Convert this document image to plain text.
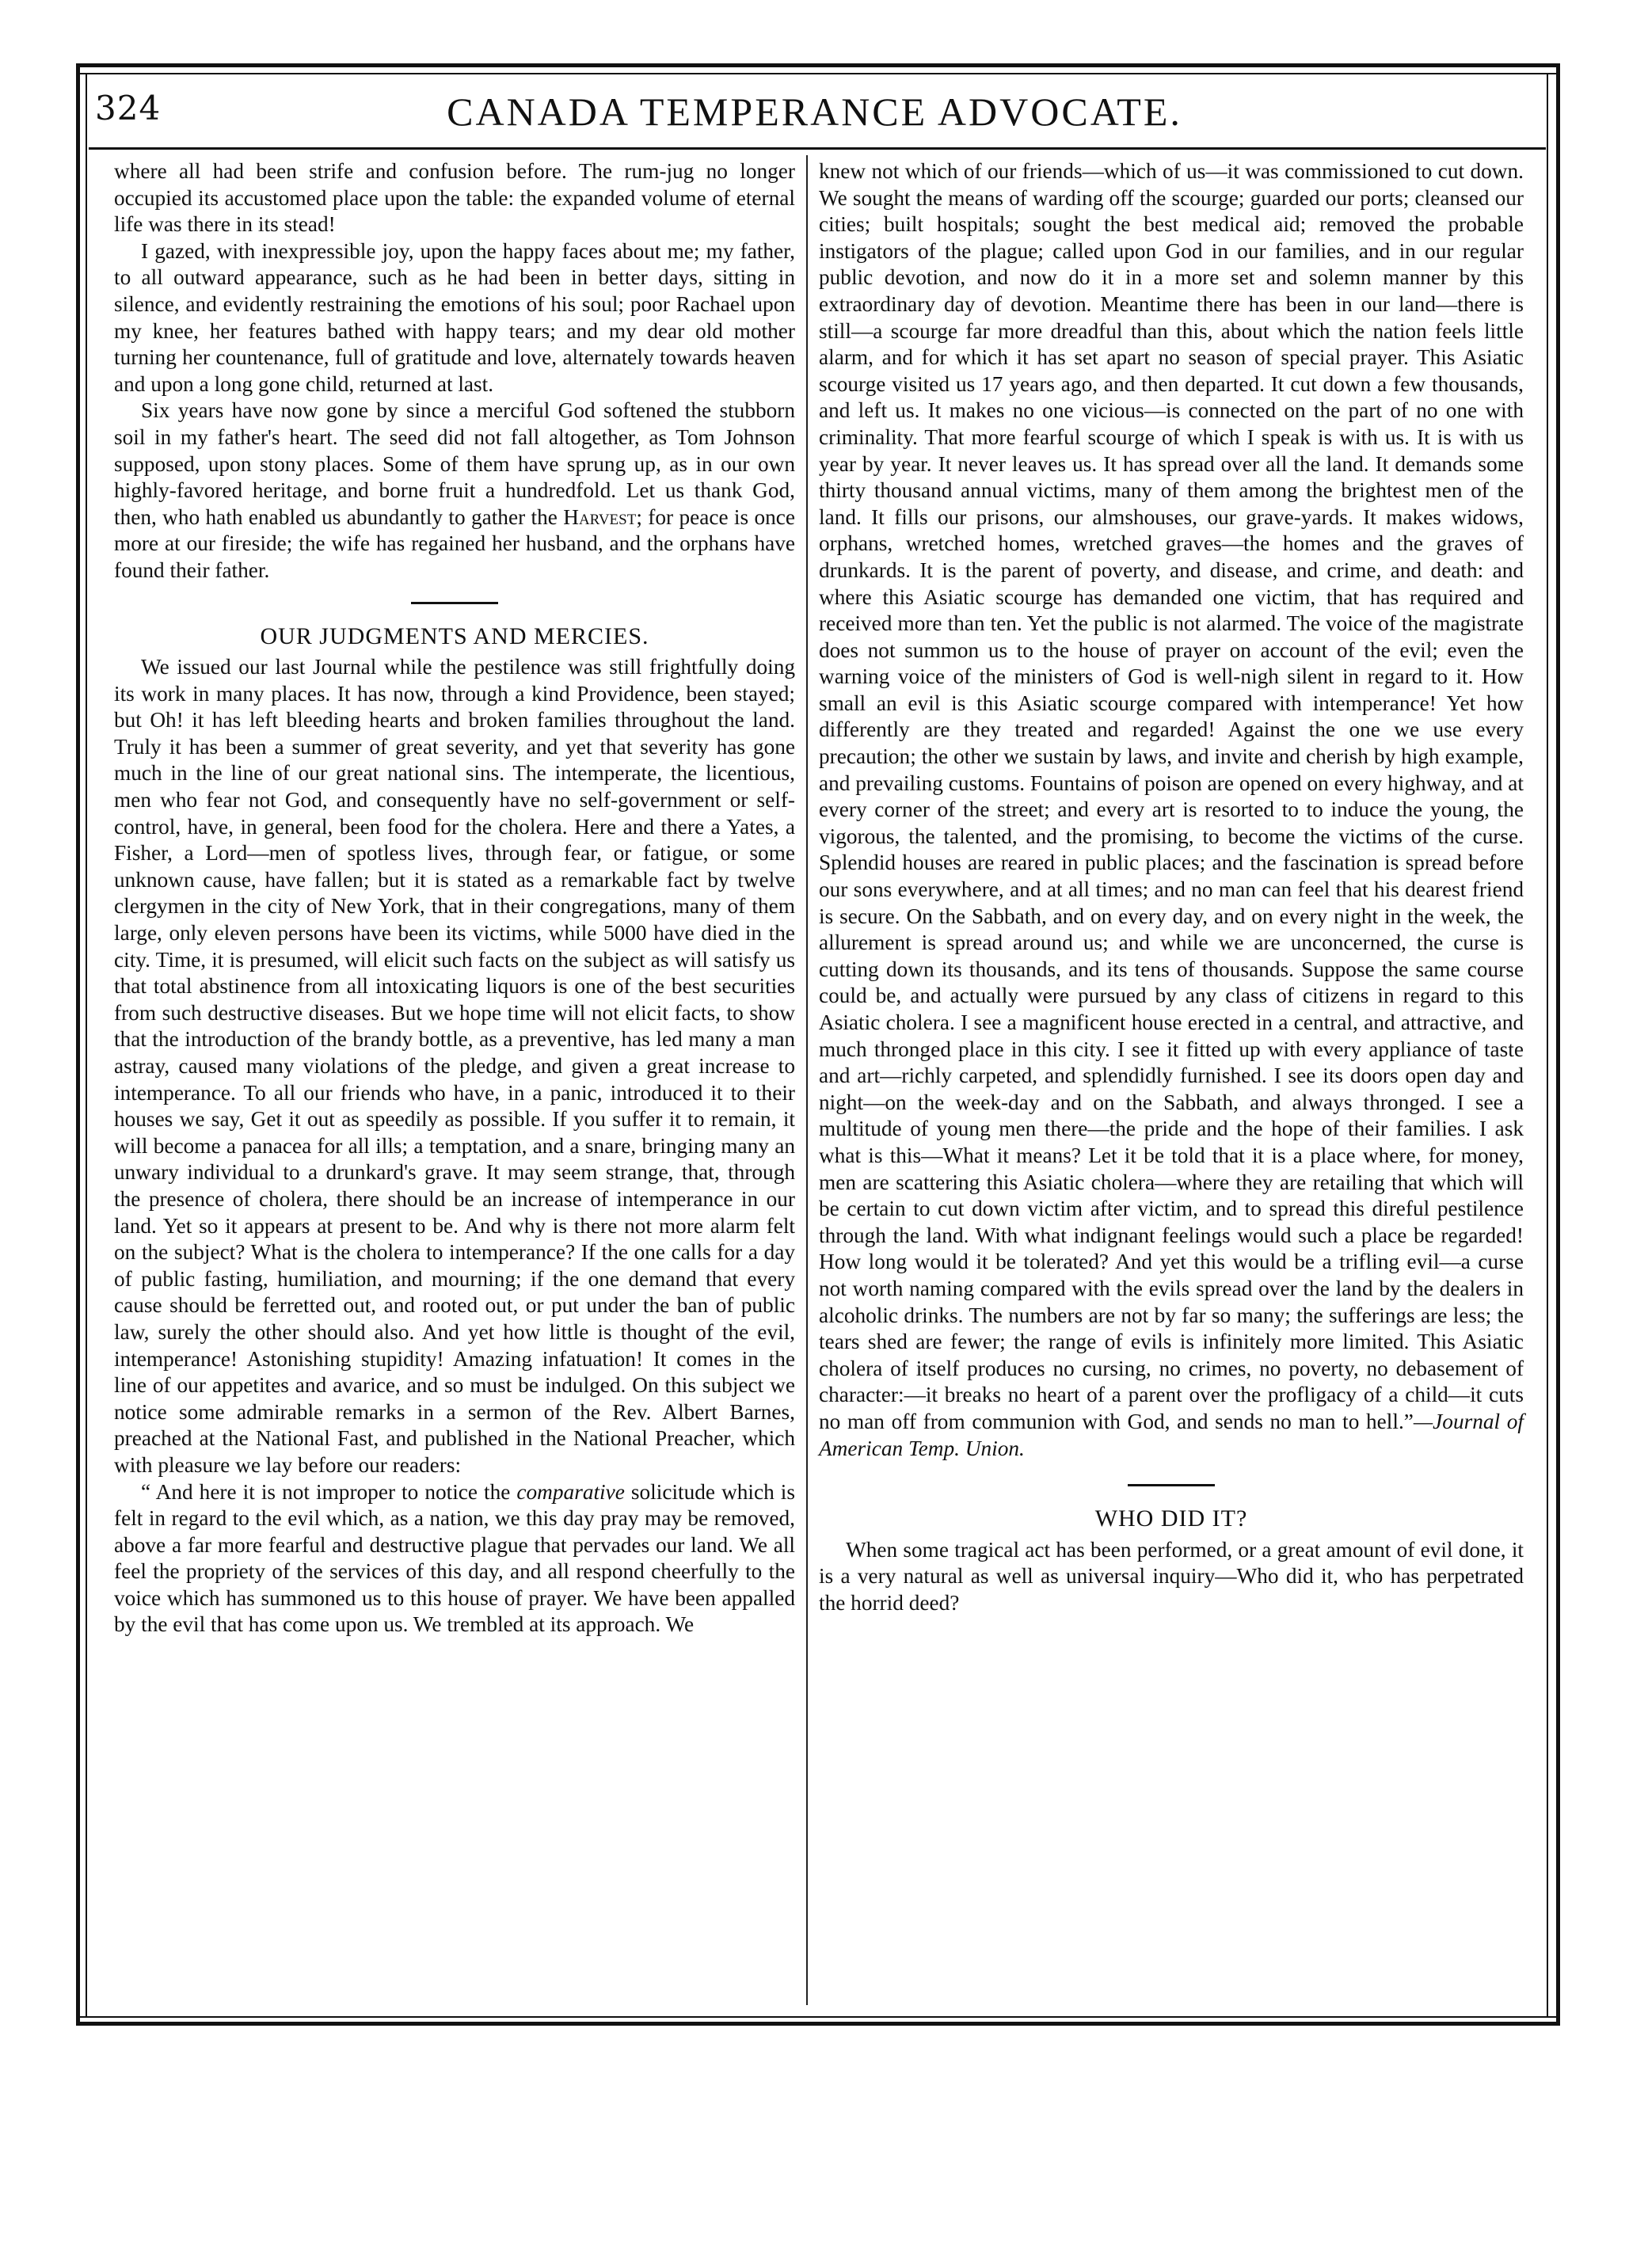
CANADA TEMPERANCE ADVOCATE.
324

where all had been strife and confusion before. The rum-jug no longer occupied its accustomed place upon the table: the expanded volume of eternal life was there in its stead!

I gazed, with inexpressible joy, upon the happy faces about me; my father, to all outward appearance, such as he had been in better days, sitting in silence, and evidently restraining the emotions of his soul; poor Rachael upon my knee, her features bathed with happy tears; and my dear old mother turning her countenance, full of gratitude and love, alternately towards heaven and upon a long gone child, returned at last.

Six years have now gone by since a merciful God softened the stubborn soil in my father's heart. The seed did not fall altogether, as Tom Johnson supposed, upon stony places. Some of them have sprung up, as in our own highly-favored heritage, and borne fruit a hundredfold. Let us thank God, then, who hath enabled us abundantly to gather the Harvest; for peace is once more at our fireside; the wife has regained her husband, and the orphans have found their father.

OUR JUDGMENTS AND MERCIES.

We issued our last Journal while the pestilence was still frightfully doing its work in many places. It has now, through a kind Providence, been stayed; but Oh! it has left bleeding hearts and broken families throughout the land. Truly it has been a summer of great severity, and yet that severity has gone much in the line of our great national sins. The intemperate, the licentious, men who fear not God, and consequently have no self-government or self-control, have, in general, been food for the cholera. Here and there a Yates, a Fisher, a Lord—men of spotless lives, through fear, or fatigue, or some unknown cause, have fallen; but it is stated as a remarkable fact by twelve clergymen in the city of New York, that in their congregations, many of them large, only eleven persons have been its victims, while 5000 have died in the city. Time, it is presumed, will elicit such facts on the subject as will satisfy us that total abstinence from all intoxicating liquors is one of the best securities from such destructive diseases. But we hope time will not elicit facts, to show that the introduction of the brandy bottle, as a preventive, has led many a man astray, caused many violations of the pledge, and given a great increase to intemperance. To all our friends who have, in a panic, introduced it to their houses we say, Get it out as speedily as possible. If you suffer it to remain, it will become a panacea for all ills; a temptation, and a snare, bringing many an unwary individual to a drunkard's grave. It may seem strange, that, through the presence of cholera, there should be an increase of intemperance in our land. Yet so it appears at present to be. And why is there not more alarm felt on the subject? What is the cholera to intemperance? If the one calls for a day of public fasting, humiliation, and mourning; if the one demand that every cause should be ferretted out, and rooted out, or put under the ban of public law, surely the other should also. And yet how little is thought of the evil, intemperance! Astonishing stupidity! Amazing infatuation! It comes in the line of our appetites and avarice, and so must be indulged. On this subject we notice some admirable remarks in a sermon of the Rev. Albert Barnes, preached at the National Fast, and published in the National Preacher, which with pleasure we lay before our readers:

“ And here it is not improper to notice the comparative solicitude which is felt in regard to the evil which, as a nation, we this day pray may be removed, above a far more fearful and destructive plague that pervades our land. We all feel the propriety of the services of this day, and all respond cheerfully to the voice which has summoned us to this house of prayer. We have been appalled by the evil that has come upon us. We trembled at its approach. We

knew not which of our friends—which of us—it was commissioned to cut down. We sought the means of warding off the scourge; guarded our ports; cleansed our cities; built hospitals; sought the best medical aid; removed the probable instigators of the plague; called upon God in our families, and in our regular public devotion, and now do it in a more set and solemn manner by this extraordinary day of devotion. Meantime there has been in our land—there is still—a scourge far more dreadful than this, about which the nation feels little alarm, and for which it has set apart no season of special prayer. This Asiatic scourge visited us 17 years ago, and then departed. It cut down a few thousands, and left us. It makes no one vicious—is connected on the part of no one with criminality. That more fearful scourge of which I speak is with us. It is with us year by year. It never leaves us. It has spread over all the land. It demands some thirty thousand annual victims, many of them among the brightest men of the land. It fills our prisons, our almshouses, our grave-yards. It makes widows, orphans, wretched homes, wretched graves—the homes and the graves of drunkards. It is the parent of poverty, and disease, and crime, and death: and where this Asiatic scourge has demanded one victim, that has required and received more than ten. Yet the public is not alarmed. The voice of the magistrate does not summon us to the house of prayer on account of the evil; even the warning voice of the ministers of God is well-nigh silent in regard to it. How small an evil is this Asiatic scourge compared with intemperance! Yet how differently are they treated and regarded! Against the one we use every precaution; the other we sustain by laws, and invite and cherish by high example, and prevailing customs. Fountains of poison are opened on every highway, and at every corner of the street; and every art is resorted to to induce the young, the vigorous, the talented, and the promising, to become the victims of the curse. Splendid houses are reared in public places; and the fascination is spread before our sons everywhere, and at all times; and no man can feel that his dearest friend is secure. On the Sabbath, and on every day, and on every night in the week, the allurement is spread around us; and while we are unconcerned, the curse is cutting down its thousands, and its tens of thousands. Suppose the same course could be, and actually were pursued by any class of citizens in regard to this Asiatic cholera. I see a magnificent house erected in a central, and attractive, and much thronged place in this city. I see it fitted up with every appliance of taste and art—richly carpeted, and splendidly furnished. I see its doors open day and night—on the week-day and on the Sabbath, and always thronged. I see a multitude of young men there—the pride and the hope of their families. I ask what is this—What it means? Let it be told that it is a place where, for money, men are scattering this Asiatic cholera—where they are retailing that which will be certain to cut down victim after victim, and to spread this direful pestilence through the land. With what indignant feelings would such a place be regarded! How long would it be tolerated? And yet this would be a trifling evil—a curse not worth naming compared with the evils spread over the land by the dealers in alcoholic drinks. The numbers are not by far so many; the sufferings are less; the tears shed are fewer; the range of evils is infinitely more limited. This Asiatic cholera of itself produces no cursing, no crimes, no poverty, no debasement of character:—it breaks no heart of a parent over the profligacy of a child—it cuts no man off from communion with God, and sends no man to hell.”—Journal of American Temp. Union.

WHO DID IT?

When some tragical act has been performed, or a great amount of evil done, it is a very natural as well as universal inquiry—Who did it, who has perpetrated the horrid deed?
